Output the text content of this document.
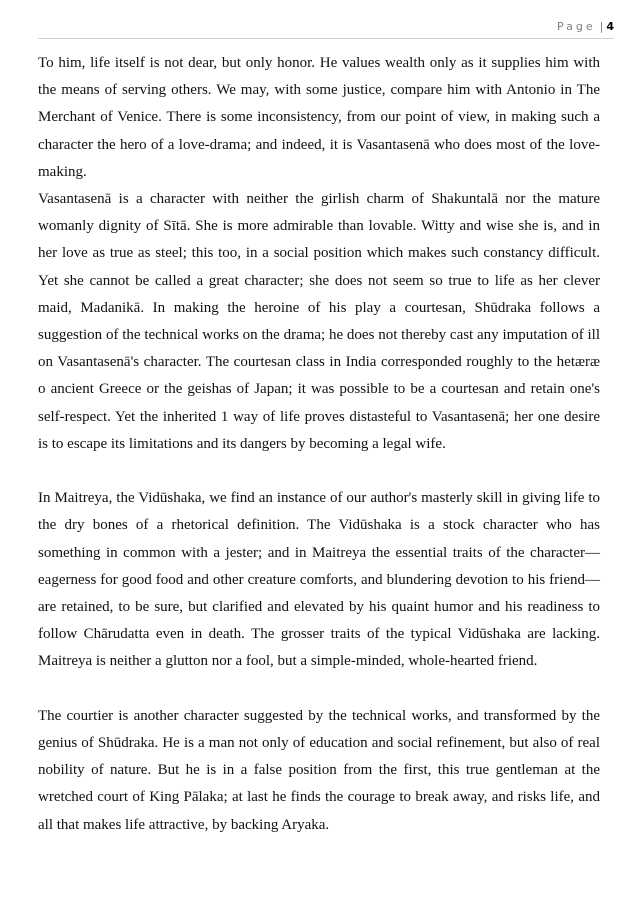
Page | 4

To him, life itself is not dear, but only honor. He values wealth only as it supplies him with the means of serving others. We may, with some justice, compare him with Antonio in The Merchant of Venice. There is some inconsistency, from our point of view, in making such a character the hero of a love-drama; and indeed, it is Vasantasenā who does most of the love-making.

Vasantasenā is a character with neither the girlish charm of Shakuntalā nor the mature womanly dignity of Sītā. She is more admirable than lovable. Witty and wise she is, and in her love as true as steel; this too, in a social position which makes such constancy difficult. Yet she cannot be called a great character; she does not seem so true to life as her clever maid, Madanikā. In making the heroine of his play a courtesan, Shūdraka follows a suggestion of the technical works on the drama; he does not thereby cast any imputation of ill on Vasantasenā's character. The courtesan class in India corresponded roughly to the hetæræ o ancient Greece or the geishas of Japan; it was possible to be a courtesan and retain one's self-respect. Yet the inherited 1 way of life proves distasteful to Vasantasenā; her one desire is to escape its limitations and its dangers by becoming a legal wife.

In Maitreya, the Vidūshaka, we find an instance of our author's masterly skill in giving life to the dry bones of a rhetorical definition. The Vidūshaka is a stock character who has something in common with a jester; and in Maitreya the essential traits of the character—eagerness for good food and other creature comforts, and blundering devotion to his friend—are retained, to be sure, but clarified and elevated by his quaint humor and his readiness to follow Chārudatta even in death. The grosser traits of the typical Vidūshaka are lacking. Maitreya is neither a glutton nor a fool, but a simple-minded, whole-hearted friend.

The courtier is another character suggested by the technical works, and transformed by the genius of Shūdraka. He is a man not only of education and social refinement, but also of real nobility of nature. But he is in a false position from the first, this true gentleman at the wretched court of King Pālaka; at last he finds the courage to break away, and risks life, and all that makes life attractive, by backing Aryaka.
